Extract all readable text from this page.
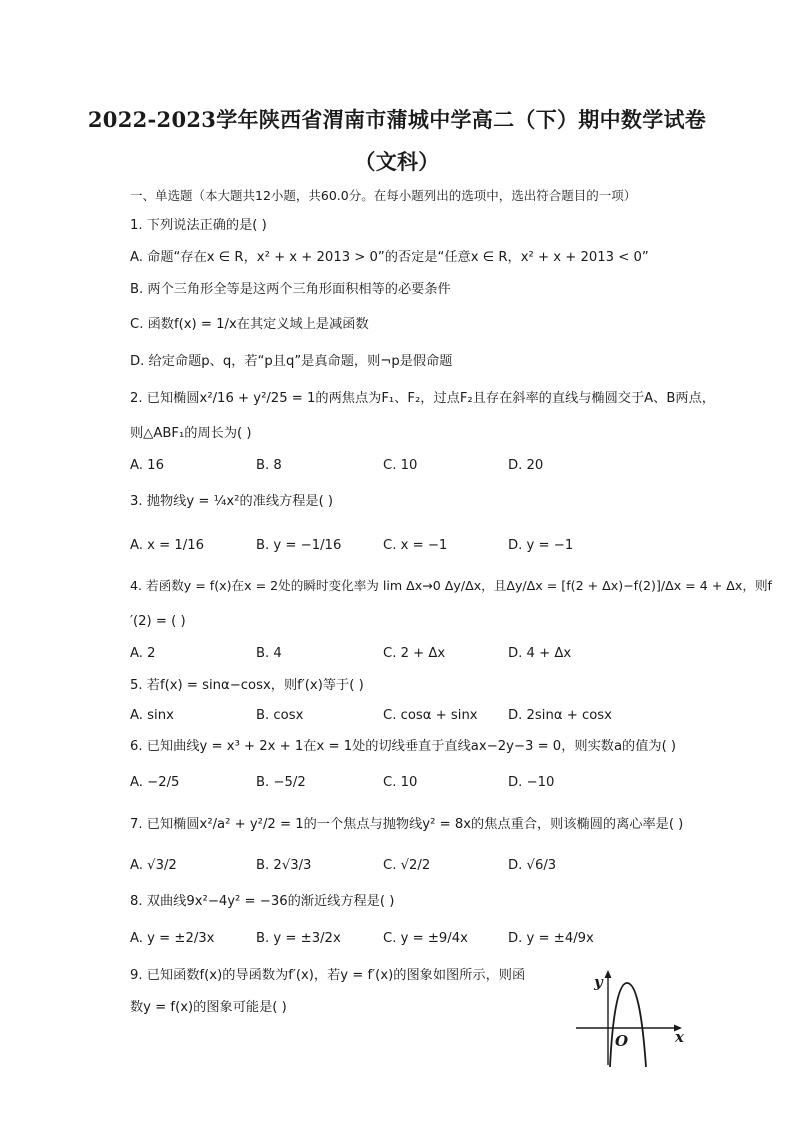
2022-2023学年陕西省渭南市蒲城中学高二（下）期中数学试卷
（文科）
一、单选题（本大题共12小题，共60.0分。在每小题列出的选项中，选出符合题目的一项）
1. 下列说法正确的是( )
A. 命题“存在x ∈ R，x² + x + 2013 > 0”的否定是“任意x ∈ R，x² + x + 2013 < 0”
B. 两个三角形全等是这两个三角形面积相等的必要条件
C. 函数f(x) = 1/x在其定义域上是减函数
D. 给定命题p、q，若“p且q”是真命题，则¬p是假命题
2. 已知椭圆x²/16 + y²/25 = 1的两焦点为F₁、F₂，过点F₂且存在斜率的直线与椭圆交于A、B两点，
则△ABF₁的周长为( )
A. 16	B. 8	C. 10	D. 20
3. 抛物线y = ¼x²的准线方程是( )
A. x = 1/16	B. y = −1/16	C. x = −1	D. y = −1
4. 若函数y = f(x)在x = 2处的瞬时变化率为 lim Δx→0 Δy/Δx，且Δy/Δx = [f(2 + Δx)−f(2)]/Δx = 4 + Δx，则f
′(2) = ( )
A. 2	B. 4	C. 2 + Δx	D. 4 + Δx
5. 若f(x) = sinα−cosx，则f′(x)等于( )
A. sinx	B. cosx	C. cosα + sinx D. 2sinα + cosx
6. 已知曲线y = x³ + 2x + 1在x = 1处的切线垂直于直线ax−2y−3 = 0，则实数a的值为( )
A. −2/5	B. −5/2	C. 10	D. −10
7. 已知椭圆x²/a² + y²/2 = 1的一个焦点与抛物线y² = 8x的焦点重合，则该椭圆的离心率是( )
A. √3/2	B. 2√3/3	C. √2/2	D. √6/3
8. 双曲线9x²−4y² = −36的渐近线方程是( )
A. y = ±2/3x	B. y = ±3/2x	C. y = ±9/4x	D. y = ±4/9x
9. 已知函数f(x)的导函数为f′(x)，若y = f′(x)的图象如图所示，则函
数y = f(x)的图象可能是( )
y
x
O
